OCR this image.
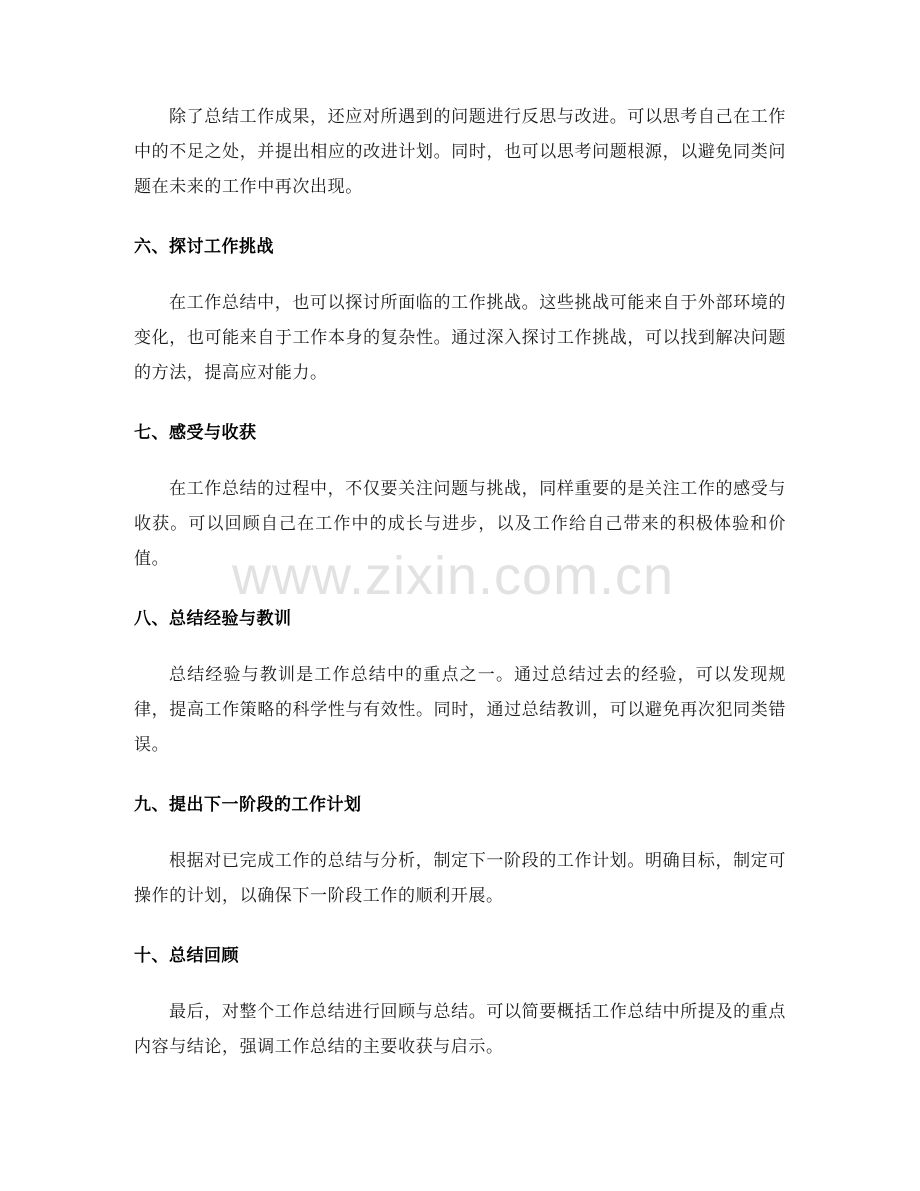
除了总结工作成果，还应对所遇到的问题进行反思与改进。可以思考自己在工作中的不足之处，并提出相应的改进计划。同时，也可以思考问题根源，以避免同类问题在未来的工作中再次出现。

六、探讨工作挑战

在工作总结中，也可以探讨所面临的工作挑战。这些挑战可能来自于外部环境的变化，也可能来自于工作本身的复杂性。通过深入探讨工作挑战，可以找到解决问题的方法，提高应对能力。

七、感受与收获

在工作总结的过程中，不仅要关注问题与挑战，同样重要的是关注工作的感受与收获。可以回顾自己在工作中的成长与进步，以及工作给自己带来的积极体验和价值。

八、总结经验与教训

总结经验与教训是工作总结中的重点之一。通过总结过去的经验，可以发现规律，提高工作策略的科学性与有效性。同时，通过总结教训，可以避免再次犯同类错误。

九、提出下一阶段的工作计划

根据对已完成工作的总结与分析，制定下一阶段的工作计划。明确目标，制定可操作的计划，以确保下一阶段工作的顺利开展。

十、总结回顾

最后，对整个工作总结进行回顾与总结。可以简要概括工作总结中所提及的重点内容与结论，强调工作总结的主要收获与启示。

www.zixin.com.cn
